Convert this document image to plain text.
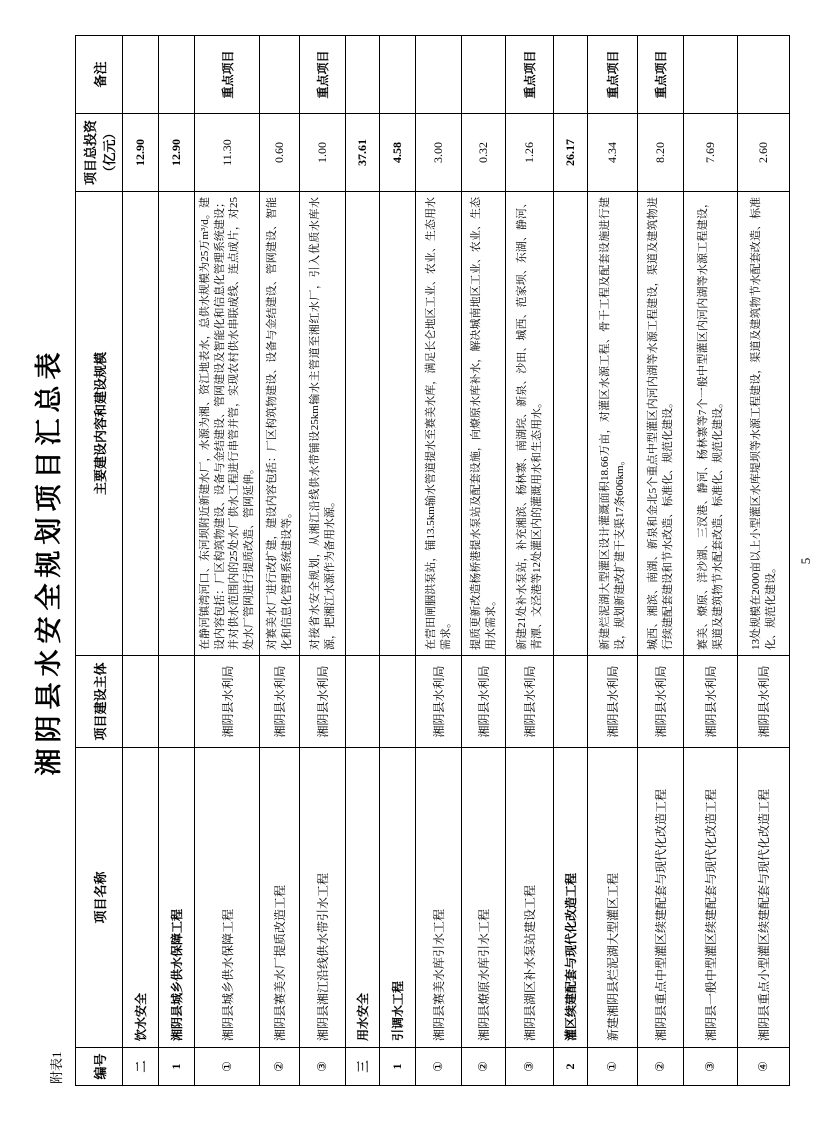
附表1
湘阴县水安全规划项目汇总表
编号	项目名称	项目建设主体	主要建设内容和建设规模	项目总投资（亿元）	备注
二	饮水安全			12.90	
1	湘阴县城乡供水保障工程			12.90	
①	湘阴县城乡供水保障工程	湘阴县水利局	在静河镇湾河口、东河坝附近新建水厂，水源为湘、资江地表水，总供水规模为25万m³/d。建设内容包括：厂区构筑物建设、设备与金结建设、管网建设及智能化和信息化管理系统建设；并对供水范围内的25处水厂供水工程进行串管并管，实现农村供水串联成线、连点成片，对25处水厂管网进行提质改造、管网延伸。	11.30	重点项目
②	湘阴县赛美水厂提质改造工程	湘阴县水利局	对赛美水厂进行改扩建，建设内容包括：厂区构筑物建设、设备与金结建设、管网建设、智能化和信息化管理系统建设等。	0.60	
③	湘阴县湘江沿线供水带引水工程	湘阴县水利局	对接省水安全规划，从湘江沿线供水带铺设25km输水主管道至湘红水厂，引入优质水库水源，把湘江水源作为备用水源。	1.00	重点项目
三	用水安全			37.61	
1	引调水工程			4.58	
①	湘阴县赛美水库引水工程	湘阴县水利局	在营田闸胭洪泵站，铺13.5km输水管道提水至赛美水库，满足长仑地区工业、农业、生态用水需求。	3.00	
②	湘阴县燎原水库引水工程	湘阴县水利局	提质更新改造杨桥港提水泵站及配套设施，向燎原水库补水，解决城南地区工业、农业、生态用水需求。	0.32	
③	湘阴县湖区补水泵站建设工程	湘阴县水利局	新建21处补水泵站，补充湘滨、杨林寨、南湖垸、新泉、沙田、城西、范家坝、东湖、静河、青潭、文泾港等12处灌区内的灌溉用水和生态用水。	1.26	重点项目
2	灌区续建配套与现代化改造工程			26.17	
①	新建湘阴县烂泥湖大型灌区工程	湘阴县水利局	新建烂泥湖大型灌区设计灌溉面积18.66万亩，对灌区水源工程、骨干工程及配套设施进行建设，规划新建改扩建干支渠17条606km。	4.34	重点项目
②	湘阴县重点中型灌区续建配套与现代化改造工程	湘阴县水利局	城西、湘滨、南湖、新泉和金北5个重点中型灌区内河内湖等水源工程建设，渠道及建筑物进行续建配套建设和节水改造、标准化、规范化建设。	8.20	重点项目
③	湘阴县一般中型灌区续建配套与现代化改造工程	湘阴县水利局	赛美、燎原、洋沙湖、三汊港、静河、杨林寨等7个一般中型灌区内河内湖等水源工程建设，渠道及建筑物节水配套改造、标准化、规范化建设。	7.69	
④	湘阴县重点小型灌区续建配套与现代化改造工程	湘阴县水利局	13处规模在2000亩以上小型灌区水库堤坝等水源工程建设，渠道及建筑物节水配套改造、标准化、规范化建设。	2.60	
5
